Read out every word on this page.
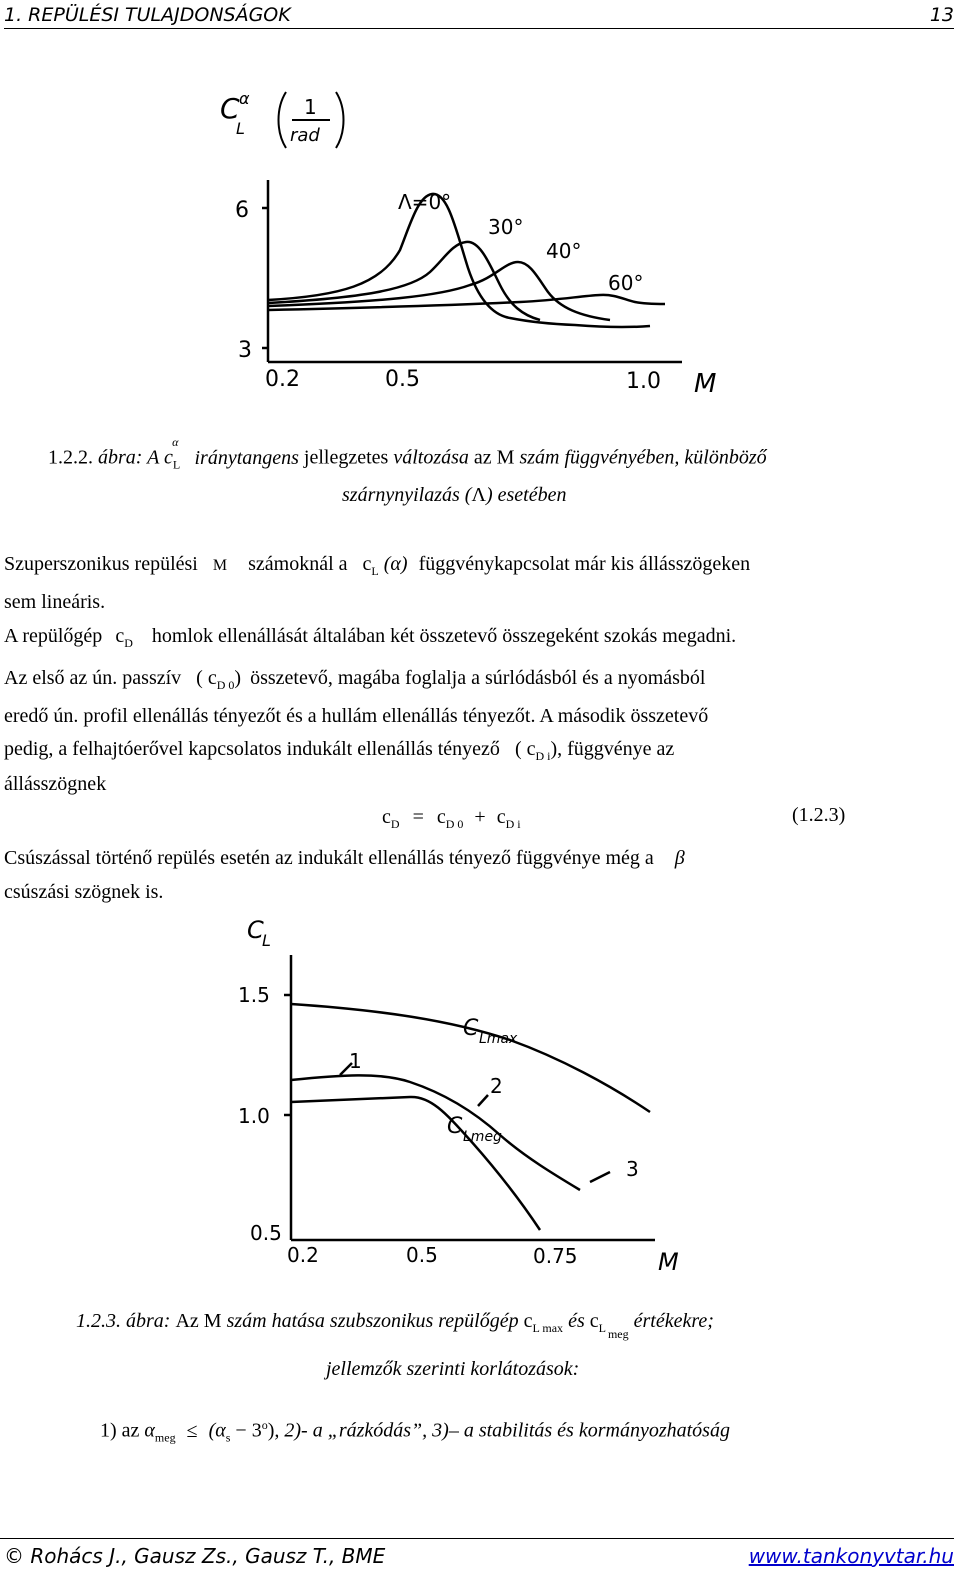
1. REPÜLÉSI TULAJDONSÁGOK	13
C α
L
1
rad
6
3
0.2	0.5	1.0 M
Λ=0°
30°
40°
60°
1.2.2. ábra: A $c_L^\alpha iránytangens$ jellegzetes változása az M szám függvényében, különböző
szárnynyilazás (Λ) esetében
Szuperszonikus repülési M számoknál a $c_L$ (α) függvénykapcsolat már kis állásszögeken
sem lineáris.
A repülőgép $c_D$ homlok ellenállását általában két összetevő összegeként szokás megadni.
Az első az ún. passzív ( $c_{D 0}$) összetevő, magába foglalja a súrlódásból és a nyomásból
eredő ún. profil ellenállás tényezőt és a hullám ellenállás tényezőt. A második összetevő
pedig, a felhajtóerővel kapcsolatos indukált ellenállás tényező ( $c_{D i}$), függvénye az
állásszögnek
$c_D = c_{D 0} + c_{D i}$	(1.2.3)
Csúszással történő repülés esetén az indukált ellenállás tényező függvénye még a β
csúszási szögnek is.
C
L
1.5
1.0
0.5
0.2	0.5	0.75	M
C Lmax
C Lmeg
1
2
3
1.2.3. ábra: Az M szám hatása szubszonikus repülőgép $c_{L max}$ és $c_L$ $_{meg}$ értékekre;
jellemzők szerinti korlátozások:
1) az $\alpha_{meg} \le (\alpha_s - 3^o)$, 2)- a „rázkódás”, 3)– a stabilitás és kormányozhatóság
© Rohács J., Gausz Zs., Gausz T., BME	www.tankonyvtar.hu
